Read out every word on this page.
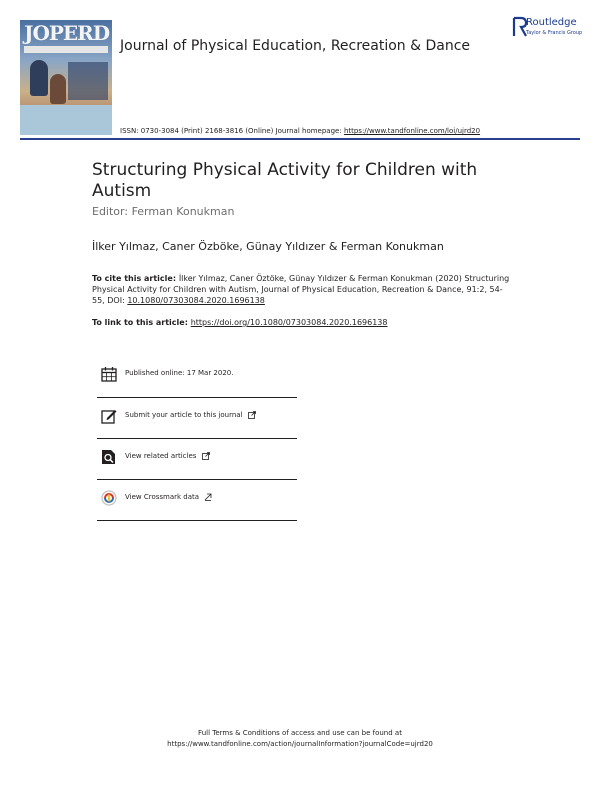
JOPERD
Journal of Physical Education, Recreation & Dance
Routledge
Taylor & Francis Group
ISSN: 0730-3084 (Print) 2168-3816 (Online) Journal homepage: https://www.tandfonline.com/loi/ujrd20
Structuring Physical Activity for Children with Autism
Editor: Ferman Konukman
İlker Yılmaz, Caner Özböke, Günay Yıldızer & Ferman Konukman
To cite this article: İlker Yılmaz, Caner Öztöke, Günay Yıldızer & Ferman Konukman (2020) Structuring Physical Activity for Children with Autism, Journal of Physical Education, Recreation & Dance, 91:2, 54-55, DOI: 10.1080/07303084.2020.1696138
To link to this article: https://doi.org/10.1080/07303084.2020.1696138
Published online: 17 Mar 2020.
Submit your article to this journal
View related articles
View Crossmark data
Full Terms & Conditions of access and use can be found at
https://www.tandfonline.com/action/journalInformation?journalCode=ujrd20
